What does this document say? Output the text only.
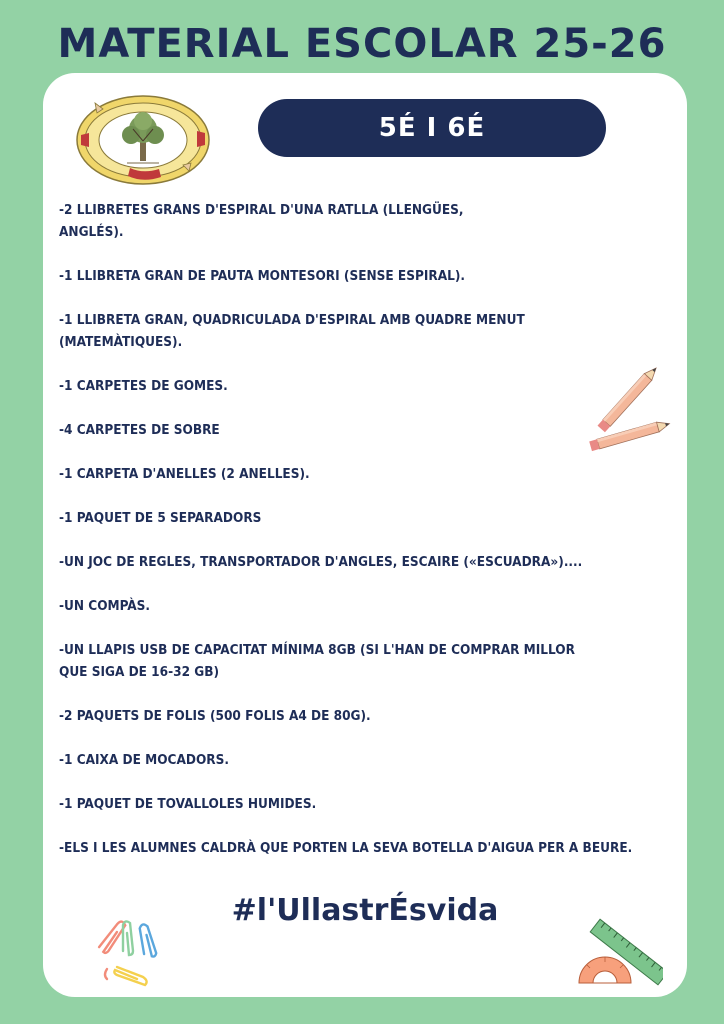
MATERIAL ESCOLAR 25-26
5É I 6É
-2 LLIBRETES GRANS D'ESPIRAL D'UNA RATLLA (LLENGÜES,
ANGLÉS).
-1 LLIBRETA GRAN DE PAUTA MONTESORI (SENSE ESPIRAL).
-1 LLIBRETA GRAN, QUADRICULADA D'ESPIRAL AMB QUADRE MENUT
(MATEMÀTIQUES).
-1 CARPETES DE GOMES.
-4 CARPETES DE SOBRE
-1 CARPETA D'ANELLES (2 ANELLES).
-1 PAQUET DE 5 SEPARADORS
-UN JOC DE REGLES, TRANSPORTADOR D'ANGLES, ESCAIRE («ESCUADRA»)....
-UN COMPÀS.
-UN LLAPIS USB DE CAPACITAT MÍNIMA 8GB (SI L'HAN DE COMPRAR MILLOR
QUE SIGA DE 16-32 GB)
-2 PAQUETS DE FOLIS (500 FOLIS A4 DE 80G).
-1 CAIXA DE MOCADORS.
-1 PAQUET DE TOVALLOLES HUMIDES.
-ELS I LES ALUMNES CALDRÀ QUE PORTEN LA SEVA BOTELLA D'AIGUA PER A BEURE.
#l'UllastrÉsvida
